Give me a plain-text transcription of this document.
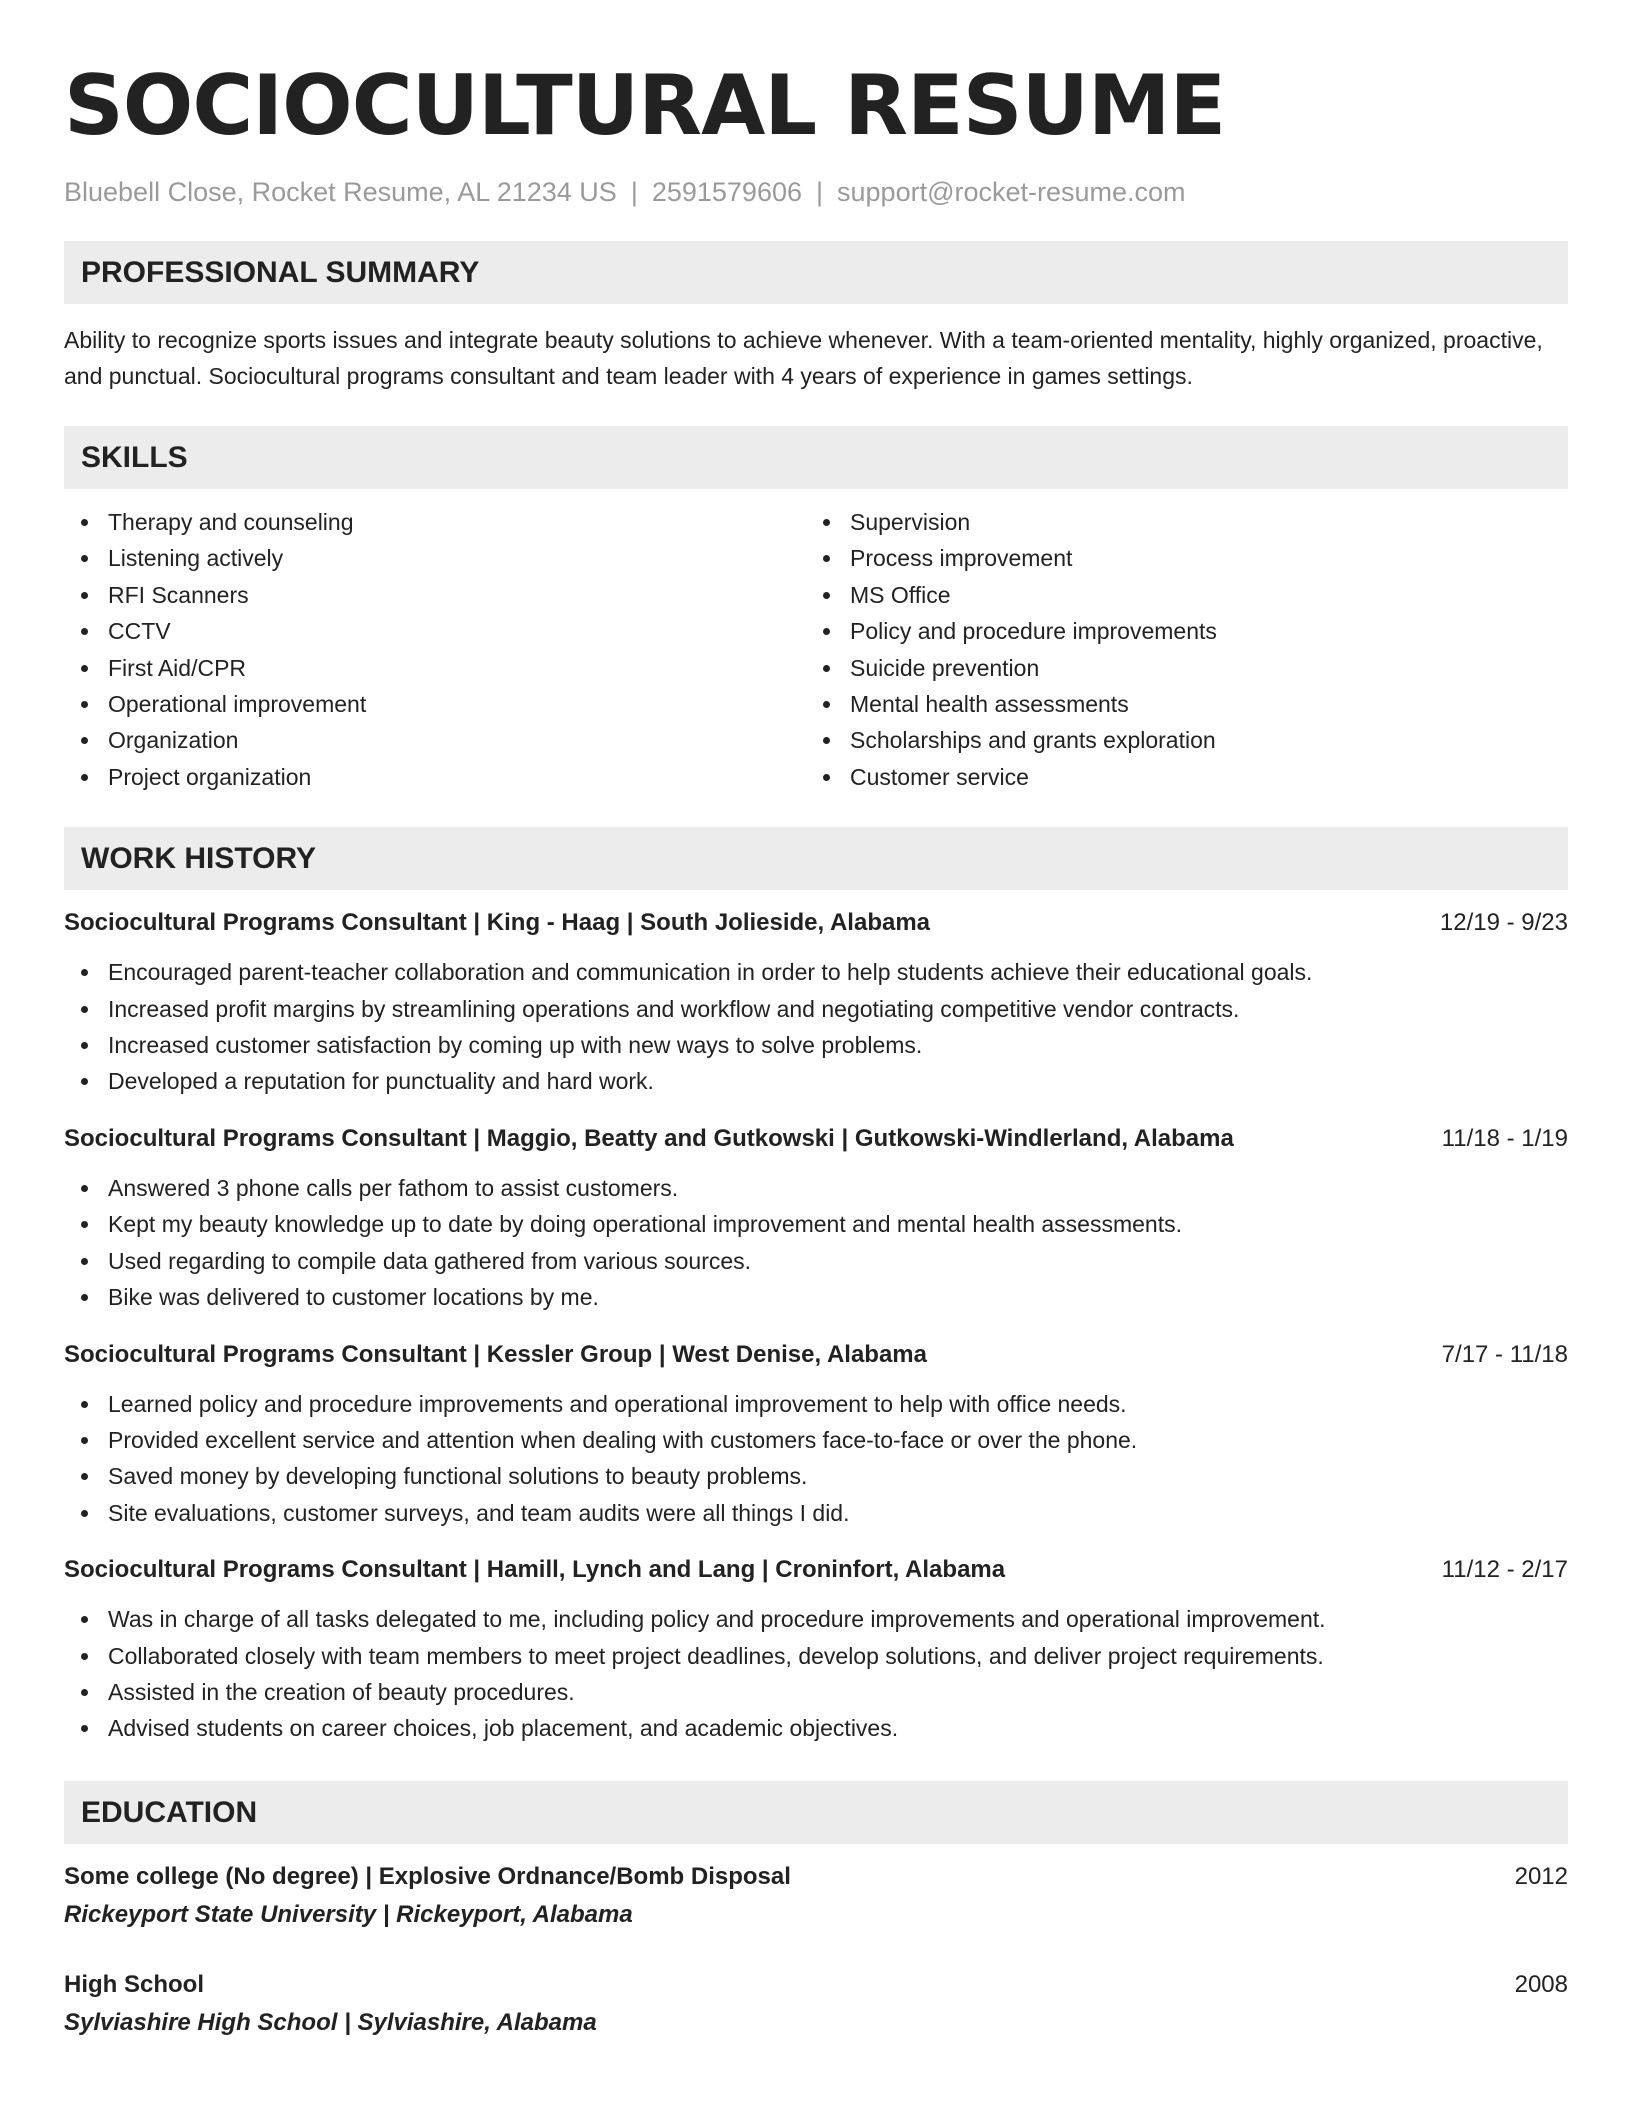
SOCIOCULTURAL RESUME
Bluebell Close, Rocket Resume, AL 21234 US | 2591579606 | support@rocket-resume.com
PROFESSIONAL SUMMARY
Ability to recognize sports issues and integrate beauty solutions to achieve whenever. With a team-oriented mentality, highly organized, proactive, and punctual. Sociocultural programs consultant and team leader with 4 years of experience in games settings.
SKILLS
Therapy and counseling
Listening actively
RFI Scanners
CCTV
First Aid/CPR
Operational improvement
Organization
Project organization
Supervision
Process improvement
MS Office
Policy and procedure improvements
Suicide prevention
Mental health assessments
Scholarships and grants exploration
Customer service
WORK HISTORY
Sociocultural Programs Consultant | King - Haag | South Jolieside, Alabama	12/19 - 9/23
Encouraged parent-teacher collaboration and communication in order to help students achieve their educational goals.
Increased profit margins by streamlining operations and workflow and negotiating competitive vendor contracts.
Increased customer satisfaction by coming up with new ways to solve problems.
Developed a reputation for punctuality and hard work.
Sociocultural Programs Consultant | Maggio, Beatty and Gutkowski | Gutkowski-Windlerland, Alabama	11/18 - 1/19
Answered 3 phone calls per fathom to assist customers.
Kept my beauty knowledge up to date by doing operational improvement and mental health assessments.
Used regarding to compile data gathered from various sources.
Bike was delivered to customer locations by me.
Sociocultural Programs Consultant | Kessler Group | West Denise, Alabama	7/17 - 11/18
Learned policy and procedure improvements and operational improvement to help with office needs.
Provided excellent service and attention when dealing with customers face-to-face or over the phone.
Saved money by developing functional solutions to beauty problems.
Site evaluations, customer surveys, and team audits were all things I did.
Sociocultural Programs Consultant | Hamill, Lynch and Lang | Croninfort, Alabama	11/12 - 2/17
Was in charge of all tasks delegated to me, including policy and procedure improvements and operational improvement.
Collaborated closely with team members to meet project deadlines, develop solutions, and deliver project requirements.
Assisted in the creation of beauty procedures.
Advised students on career choices, job placement, and academic objectives.
EDUCATION
Some college (No degree) | Explosive Ordnance/Bomb Disposal	2012
Rickeyport State University | Rickeyport, Alabama
High School	2008
Sylviashire High School | Sylviashire, Alabama
